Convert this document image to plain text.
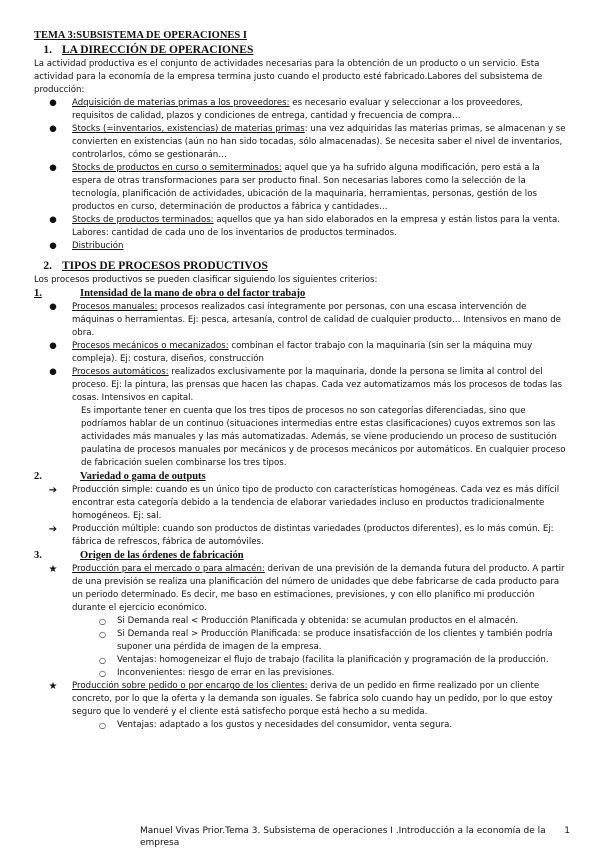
TEMA 3:SUBSISTEMA DE OPERACIONES I
1. LA DIRECCIÓN DE OPERACIONES

La actividad productiva es el conjunto de actividades necesarias para la obtención de un producto o un servicio. Esta actividad para la economía de la empresa termina justo cuando el producto esté fabricado.Labores del subsistema de producción:

●	Adquisición de materias primas a los proveedores: es necesario evaluar y seleccionar a los proveedores, requisitos de calidad, plazos y condiciones de entrega, cantidad y frecuencia de compra…
●	Stocks (=inventarios, existencias) de materias primas: una vez adquiridas las materias primas, se almacenan y se convierten en existencias (aún no han sido tocadas, sólo almacenadas). Se necesita saber el nivel de inventarios, controlarlos, cómo se gestionarán…
●	Stocks de productos en curso o semiterminados: aquel que ya ha sufrido alguna modificación, pero está a la espera de otras transformaciones para ser producto final. Son necesarias labores como la selección de la tecnología, planificación de actividades, ubicación de la maquinaria, herramientas, personas, gestión de los productos en curso, determinación de productos a fábrica y cantidades…
●	Stocks de productos terminados: aquellos que ya han sido elaborados en la empresa y están listos para la venta. Labores: cantidad de cada uno de los inventarios de productos terminados.
●	Distribución
2. TIPOS DE PROCESOS PRODUCTIVOS

Los procesos productivos se pueden clasificar siguiendo los siguientes criterios:

1.	Intensidad de la mano de obra o del factor trabajo
●	Procesos manuales: procesos realizados casi íntegramente por personas, con una escasa intervención de máquinas o herramientas. Ej: pesca, artesanía, control de calidad de cualquier producto… Intensivos en mano de obra.
●	Procesos mecánicos o mecanizados: combinan el factor trabajo con la maquinaria (sin ser la máquina muy compleja). Ej: costura, diseños, construcción
●	Procesos automáticos: realizados exclusivamente por la maquinaria, donde la persona se limita al control del proceso. Ej: la pintura, las prensas que hacen las chapas. Cada vez automatizamos más los procesos de todas las cosas. Intensivos en capital.

Es importante tener en cuenta que los tres tipos de procesos no son categorías diferenciadas, sino que podríamos hablar de un continuo (situaciones intermedias entre estas clasificaciones) cuyos extremos son las actividades más manuales y las más automatizadas. Además, se viene produciendo un proceso de sustitución paulatina de procesos manuales por mecánicos y de procesos mecánicos por automáticos. En cualquier proceso de fabricación suelen combinarse los tres tipos.

2.	Variedad o gama de outputs
➔	Producción simple: cuando es un único tipo de producto con características homogéneas. Cada vez es más difícil encontrar esta categoría debido a la tendencia de elaborar variedades incluso en productos tradicionalmente homogéneos. Ej: sal.
➔	Producción múltiple: cuando son productos de distintas variedades (productos diferentes), es lo más común. Ej: fábrica de refrescos, fábrica de automóviles.
3.	Origen de las órdenes de fabricación
★	Producción para el mercado o para almacén: derivan de una previsión de la demanda futura del producto. A partir de una previsión se realiza una planificación del número de unidades que debe fabricarse de cada producto para un periodo determinado. Es decir, me baso en estimaciones, previsiones, y con ello planifico mi producción durante el ejercicio económico.
○	Si Demanda real < Producción Planificada y obtenida: se acumulan productos en el almacén.
○	Si Demanda real > Producción Planificada: se produce insatisfacción de los clientes y también podría suponer una pérdida de imagen de la empresa.
○	Ventajas: homogeneizar el flujo de trabajo (facilita la planificación y programación de la producción.
○	Inconvenientes: riesgo de errar en las previsiones.
★	Producción sobre pedido o por encargo de los clientes: deriva de un pedido en firme realizado por un cliente concreto, por lo que la oferta y la demanda son iguales. Se fabrica solo cuando hay un pedido, por lo que estoy seguro que lo venderé y el cliente está satisfecho porque está hecho a su medida.
○	Ventajas: adaptado a los gustos y necesidades del consumidor, venta segura.
Manuel Vivas Prior.Tema 3. Subsistema de operaciones I .Introducción a la economía de la empresa
1
